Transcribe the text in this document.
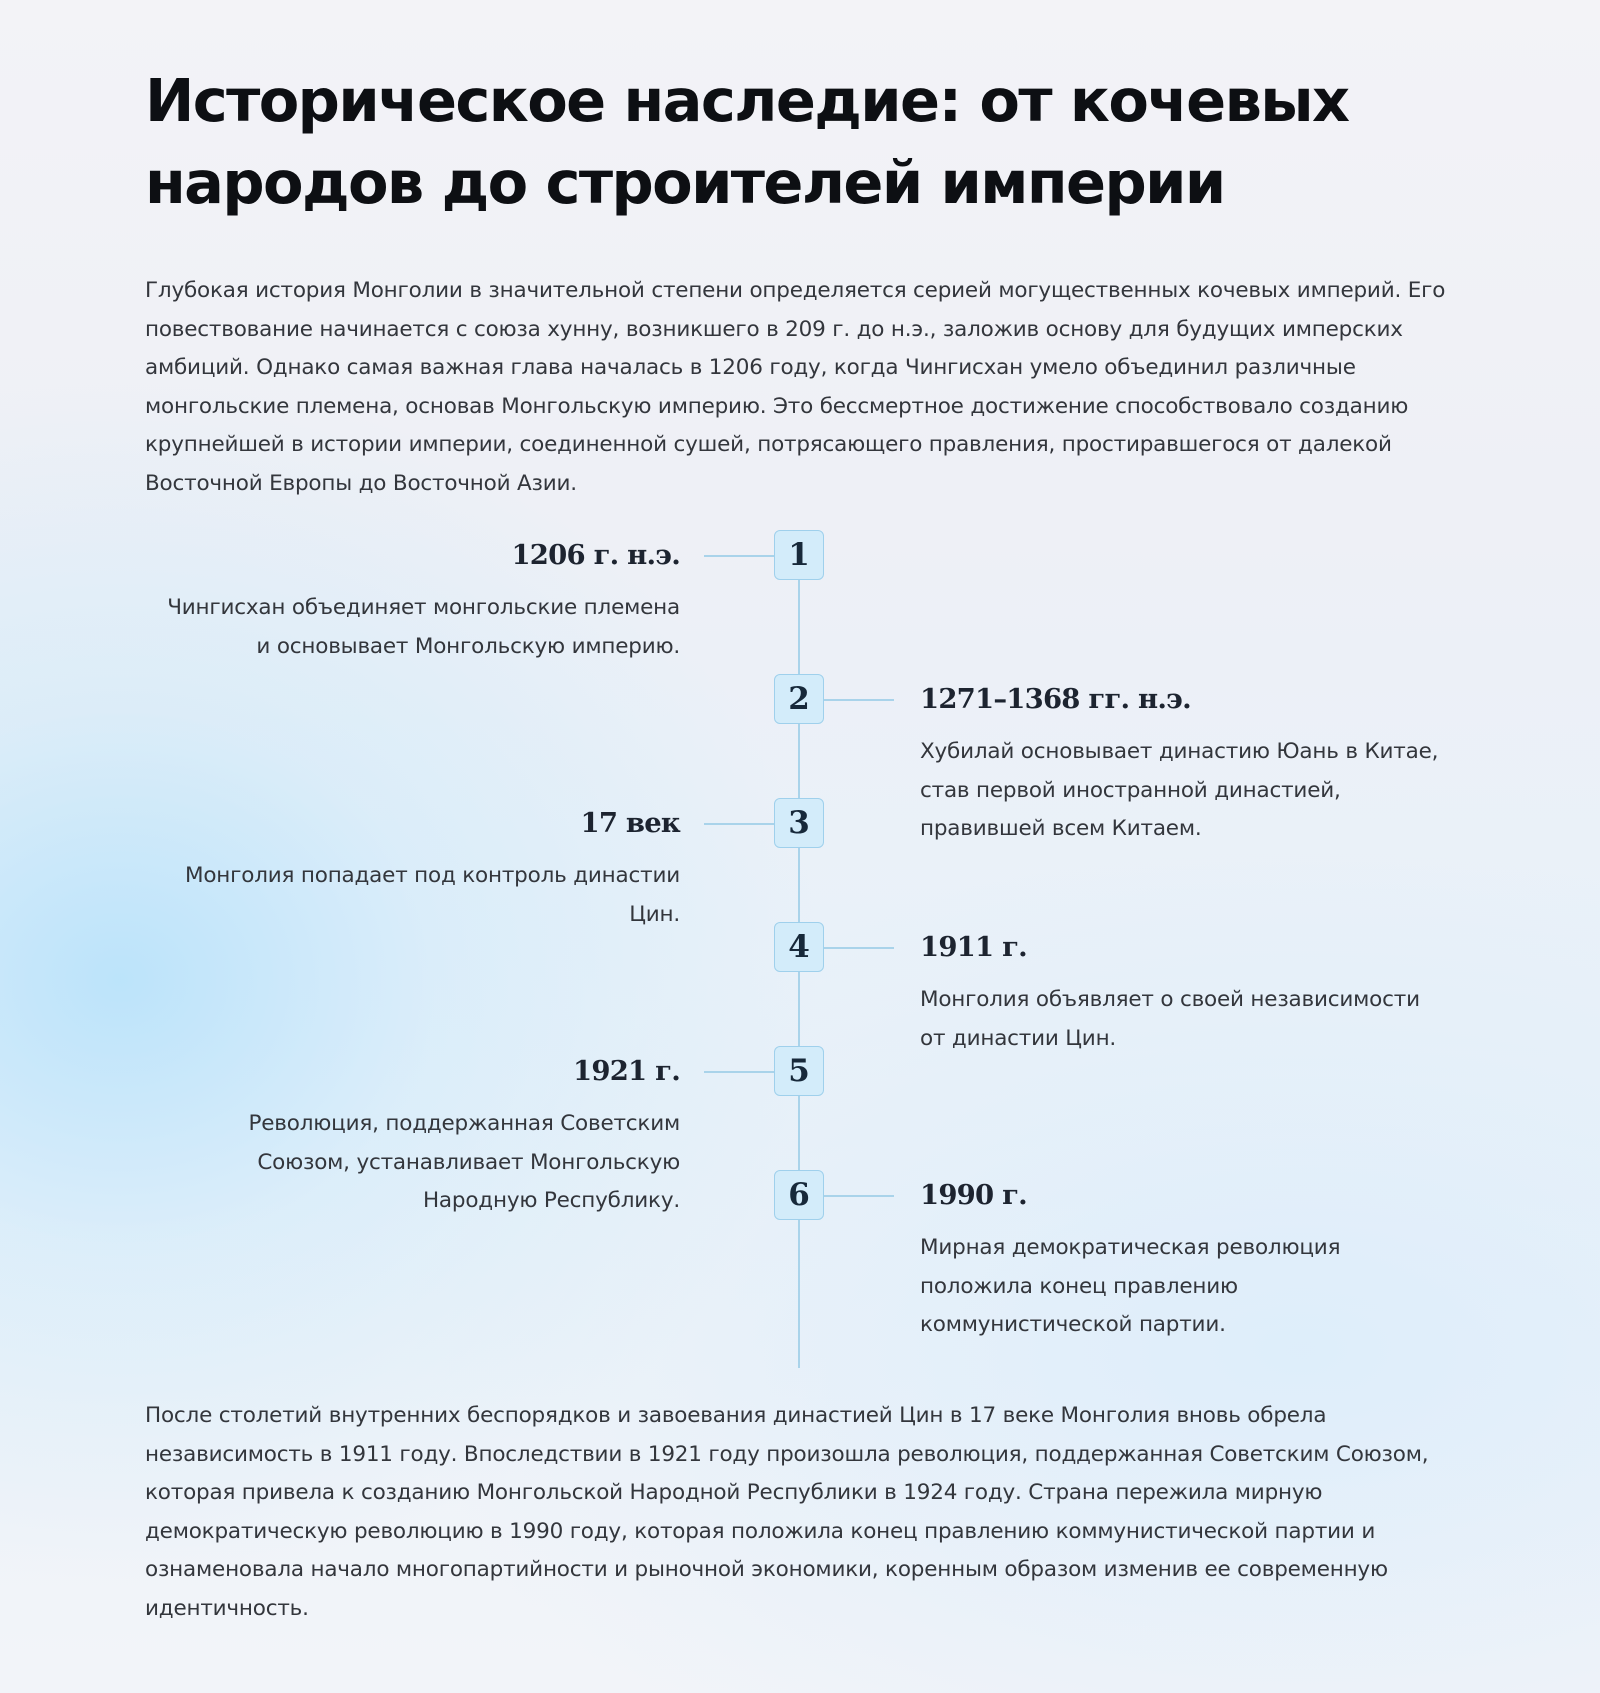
Историческое наследие: от кочевых народов до строителей империи

Глубокая история Монголии в значительной степени определяется серией могущественных кочевых империй. Его повествование начинается с союза хунну, возникшего в 209 г. до н.э., заложив основу для будущих имперских амбиций. Однако самая важная глава началась в 1206 году, когда Чингисхан умело объединил различные монгольские племена, основав Монгольскую империю. Это бессмертное достижение способствовало созданию крупнейшей в истории империи, соединенной сушей, потрясающего правления, простиравшегося от далекой Восточной Европы до Восточной Азии.

1
1206 г. н.э.
Чингисхан объединяет монгольские племена и основывает Монгольскую империю.
2	1271–1368 гг. н.э.
Хубилай основывает династию Юань в Китае, став первой иностранной династией, правившей всем Китаем.
3
17 век
Монголия попадает под контроль династии Цин.
4	1911 г.
Монголия объявляет о своей независимости от династии Цин.
5
1921 г.
Революция, поддержанная Советским Союзом, устанавливает Монгольскую Народную Республику.	6	1990 г.
Мирная демократическая революция положила конец правлению коммунистической партии.

После столетий внутренних беспорядков и завоевания династией Цин в 17 веке Монголия вновь обрела независимость в 1911 году. Впоследствии в 1921 году произошла революция, поддержанная Советским Союзом, которая привела к созданию Монгольской Народной Республики в 1924 году. Страна пережила мирную демократическую революцию в 1990 году, которая положила конец правлению коммунистической партии и ознаменовала начало многопартийности и рыночной экономики, коренным образом изменив ее современную идентичность.
